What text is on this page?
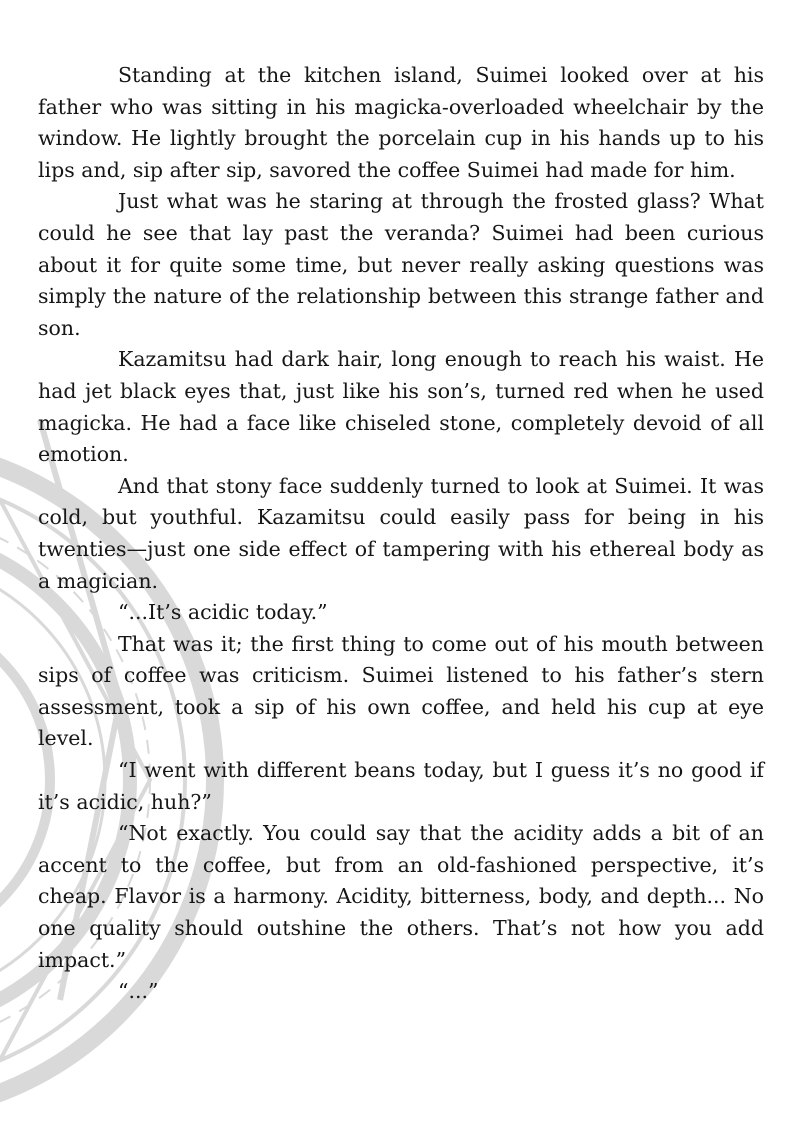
Standing at the kitchen island, Suimei looked over at his father who was sitting in his magicka-overloaded wheelchair by the window. He lightly brought the porcelain cup in his hands up to his lips and, sip after sip, savored the coffee Suimei had made for him.

Just what was he staring at through the frosted glass? What could he see that lay past the veranda? Suimei had been curious about it for quite some time, but never really asking questions was simply the nature of the relationship between this strange father and son.

Kazamitsu had dark hair, long enough to reach his waist. He had jet black eyes that, just like his son’s, turned red when he used magicka. He had a face like chiseled stone, completely devoid of all emotion.

And that stony face suddenly turned to look at Suimei. It was cold, but youthful. Kazamitsu could easily pass for being in his twenties—just one side effect of tampering with his ethereal body as a magician.

“...It’s acidic today.”

That was it; the first thing to come out of his mouth between sips of coffee was criticism. Suimei listened to his father’s stern assessment, took a sip of his own coffee, and held his cup at eye level.

“I went with different beans today, but I guess it’s no good if it’s acidic, huh?”

“Not exactly. You could say that the acidity adds a bit of an accent to the coffee, but from an old-fashioned perspective, it’s cheap. Flavor is a harmony. Acidity, bitterness, body, and depth... No one quality should outshine the others. That’s not how you add impact.”

“...”
